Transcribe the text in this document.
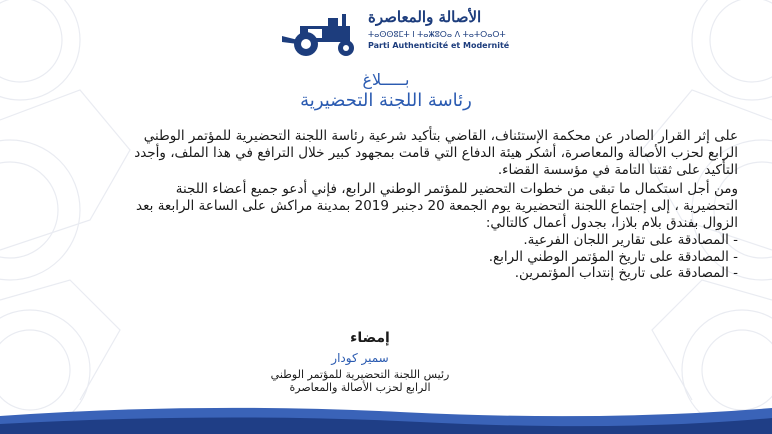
الأصالة والمعاصرة
ⵜⴰⵙⵙⵓⵎⵜ ⵏ ⵜⴰⵥⵓⵔⴰ ⴷ ⵜⴰⵜⵔⴰⵔⵜ
Parti Authenticité et Modernité
بـــــلاغ
رئاسة اللجنة التحضيرية

على إثر القرار الصادر عن محكمة الإستئناف، القاضي بتأكيد شرعية رئاسة اللجنة التحضيرية للمؤتمر الوطني الرابع لحزب الأصالة والمعاصرة، أشكر هيئة الدفاع التي قامت بمجهود كبير خلال الترافع في هذا الملف، وأجدد التأكيد على ثقتنا التامة في مؤسسة القضاء.

ومن أجل استكمال ما تبقى من خطوات التحضير للمؤتمر الوطني الرابع، فإني أدعو جميع أعضاء اللجنة التحضيرية ، إلى إجتماع اللجنة التحضيرية يوم الجمعة 20 دجنبر 2019 بمدينة مراكش على الساعة الرابعة بعد الزوال بفندق بلام بلازا، بجدول أعمال كالتالي:

- المصادقة على تقارير اللجان الفرعية.

- المصادقة على تاريخ المؤتمر الوطني الرابع.

- المصادقة على تاريخ إنتداب المؤتمرين.

إمضاء
سمير كودار
رئيس اللجنة التحضيرية للمؤتمر الوطني
الرابع لحزب الأصالة والمعاصرة
